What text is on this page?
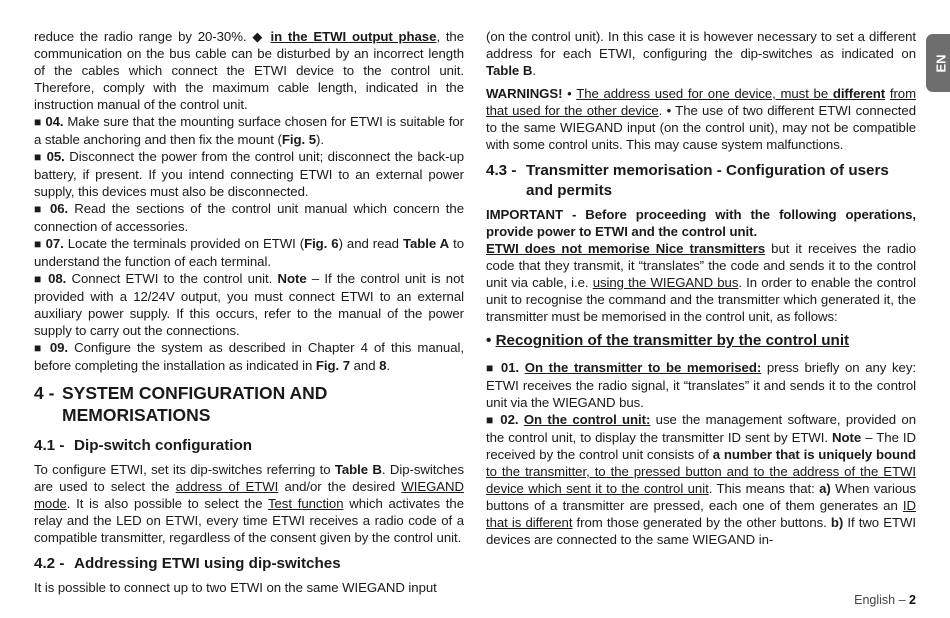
reduce the radio range by 20-30%. ◆ in the ETWI output phase, the communication on the bus cable can be disturbed by an incorrect length of the cables which connect the ETWI device to the control unit. Therefore, comply with the maximum cable length, indicated in the instruction manual of the control unit.

■ 04. Make sure that the mounting surface chosen for ETWI is suitable for a stable anchoring and then fix the mount (Fig. 5).

■ 05. Disconnect the power from the control unit; disconnect the back-up battery, if present. If you intend connecting ETWI to an external power supply, this devices must also be disconnected.

■ 06. Read the sections of the control unit manual which concern the connection of accessories.

■ 07. Locate the terminals provided on ETWI (Fig. 6) and read Table A to understand the function of each terminal.

■ 08. Connect ETWI to the control unit. Note – If the control unit is not provided with a 12/24V output, you must connect ETWI to an external auxiliary power supply. If this occurs, refer to the manual of the power supply to carry out the connections.

■ 09. Configure the system as described in Chapter 4 of this manual, before completing the installation as indicated in Fig. 7 and 8.

4 - SYSTEM CONFIGURATION AND MEMORISATIONS
4.1 - Dip-switch configuration

To configure ETWI, set its dip-switches referring to Table B. Dip-switches are used to select the address of ETWI and/or the desired WIEGAND mode. It is also possible to select the Test function which activates the relay and the LED on ETWI, every time ETWI receives a radio code of a compatible transmitter, regardless of the consent given by the control unit.

4.2 - Addressing ETWI using dip-switches

It is possible to connect up to two ETWI on the same WIEGAND input

(on the control unit). In this case it is however necessary to set a different address for each ETWI, configuring the dip-switches as indicated on Table B.

WARNINGS! • The address used for one device, must be different from that used for the other device. • The use of two different ETWI connected to the same WIEGAND input (on the control unit), may not be compatible with some control units. This may cause system malfunctions.

4.3 - Transmitter memorisation - Configuration of users and permits

IMPORTANT - Before proceeding with the following operations, provide power to ETWI and the control unit.

ETWI does not memorise Nice transmitters but it receives the radio code that they transmit, it “translates” the code and sends it to the control unit via cable, i.e. using the WIEGAND bus. In order to enable the control unit to recognise the command and the transmitter which generated it, the transmitter must be memorised in the control unit, as follows:

• Recognition of the transmitter by the control unit

■ 01. On the transmitter to be memorised: press briefly on any key: ETWI receives the radio signal, it “translates” it and sends it to the control unit via the WIEGAND bus.

■ 02. On the control unit: use the management software, provided on the control unit, to display the transmitter ID sent by ETWI. Note – The ID received by the control unit consists of a number that is uniquely bound to the transmitter, to the pressed button and to the address of the ETWI device which sent it to the control unit. This means that: a) When various buttons of a transmitter are pressed, each one of them generates an ID that is different from those generated by the other buttons. b) If two ETWI devices are connected to the same WIEGAND in-

EN
English – 2
